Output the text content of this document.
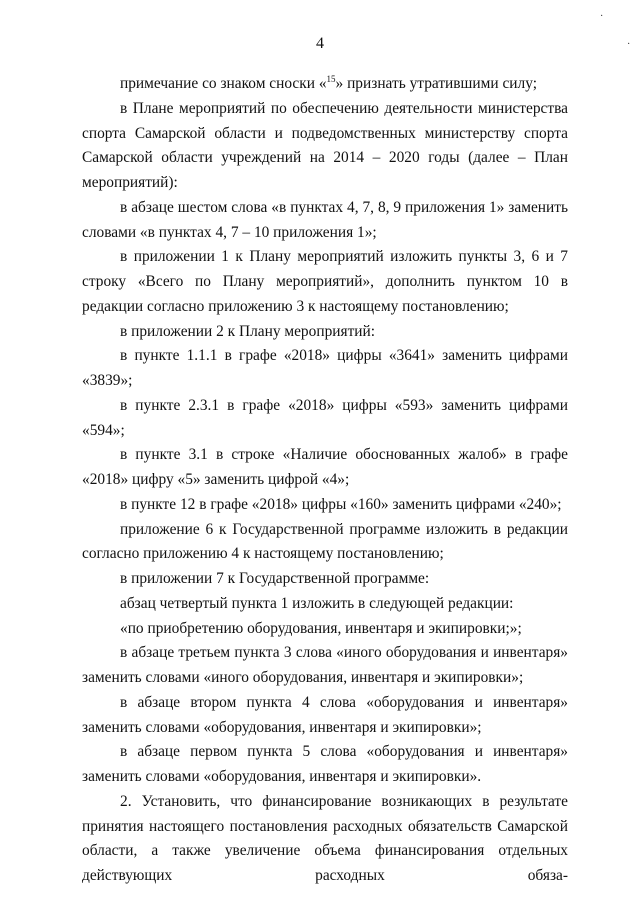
·
·
4

примечание со знаком сноски «$^{15}$» признать утратившими силу;

в Плане мероприятий по обеспечению деятельности министерства спорта Самарской области и подведомственных министерству спорта Самарской области учреждений на 2014 – 2020 годы (далее – План мероприятий):

в абзаце шестом слова «в пунктах 4, 7, 8, 9 приложения 1» заменить словами «в пунктах 4, 7 – 10 приложения 1»;

в приложении 1 к Плану мероприятий изложить пункты 3, 6 и 7 строку «Всего по Плану мероприятий», дополнить пунктом 10 в редакции согласно приложению 3 к настоящему постановлению;

в приложении 2 к Плану мероприятий:

в пункте 1.1.1 в графе «2018» цифры «3641» заменить цифрами «3839»;

в пункте 2.3.1 в графе «2018» цифры «593» заменить цифрами «594»;

в пункте 3.1 в строке «Наличие обоснованных жалоб» в графе «2018» цифру «5» заменить цифрой «4»;

в пункте 12 в графе «2018» цифры «160» заменить цифрами «240»;

приложение 6 к Государственной программе изложить в редакции согласно приложению 4 к настоящему постановлению;

в приложении 7 к Государственной программе:

абзац четвертый пункта 1 изложить в следующей редакции:

«по приобретению оборудования, инвентаря и экипировки;»;

в абзаце третьем пункта 3 слова «иного оборудования и инвентаря» заменить словами «иного оборудования, инвентаря и экипировки»;

в абзаце втором пункта 4 слова «оборудования и инвентаря» заменить словами «оборудования, инвентаря и экипировки»;

в абзаце первом пункта 5 слова «оборудования и инвентаря» заменить словами «оборудования, инвентаря и экипировки».

2. Установить, что финансирование возникающих в результате принятия настоящего постановления расходных обязательств Самарской области, а также увеличение объема финансирования отдельных действующих расходных обяза-
